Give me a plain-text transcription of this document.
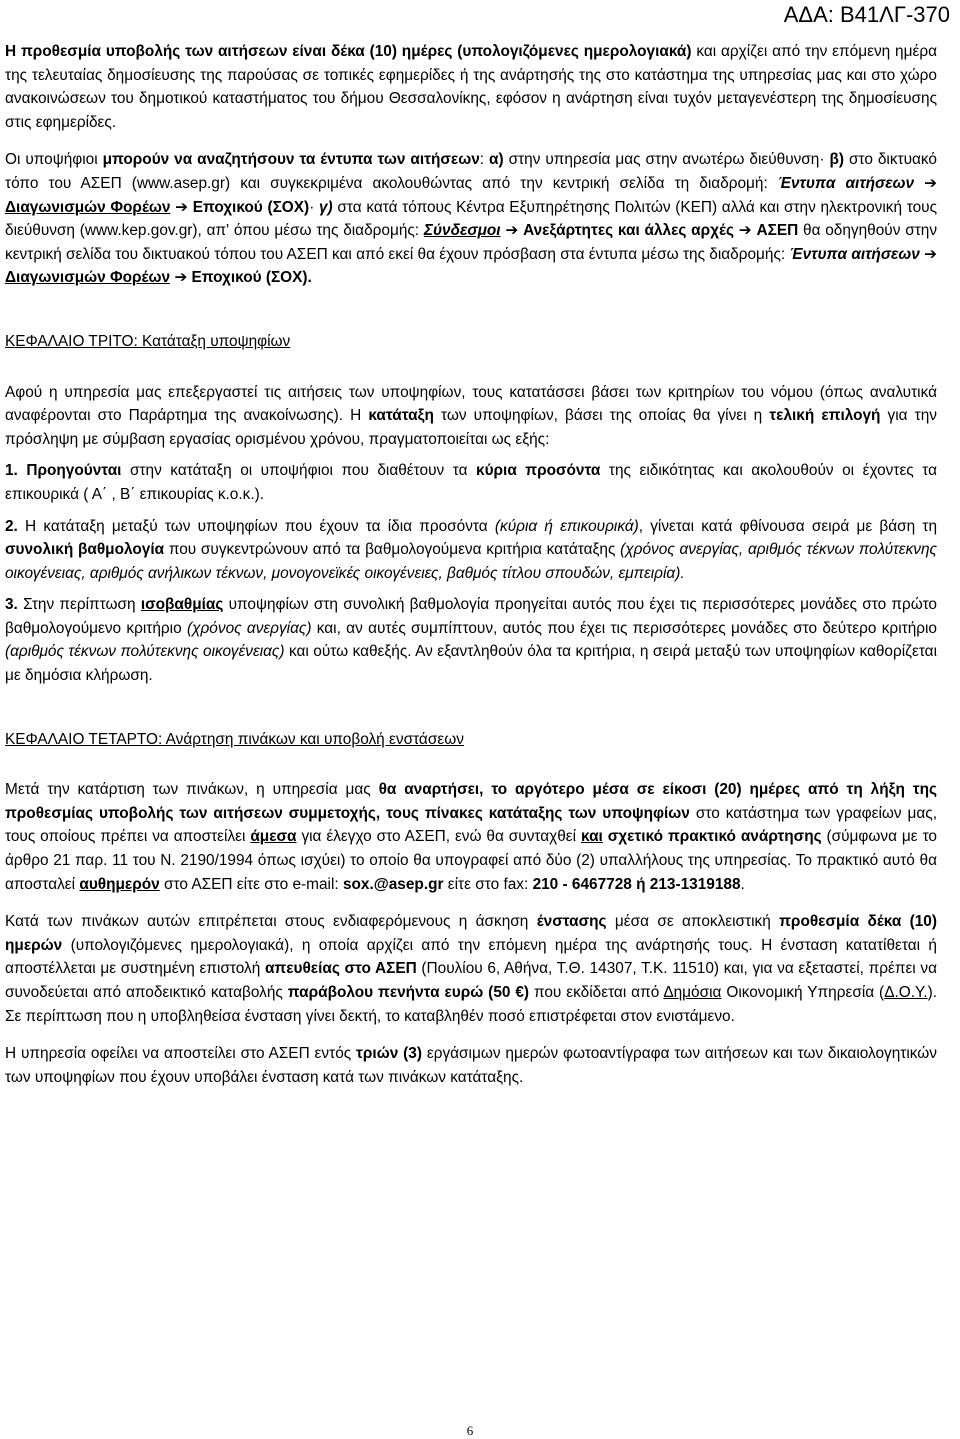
ΑΔΑ: Β41ΛΓ-370

Η προθεσμία υποβολής των αιτήσεων είναι δέκα (10) ημέρες (υπολογιζόμενες ημερολογιακά) και αρχίζει από την επόμενη ημέρα της τελευταίας δημοσίευσης της παρούσας σε τοπικές εφημερίδες ή της ανάρτησής της στο κατάστημα της υπηρεσίας μας και στο χώρο ανακοινώσεων του δημοτικού καταστήματος του δήμου Θεσσαλονίκης, εφόσον η ανάρτηση είναι τυχόν μεταγενέστερη της δημοσίευσης στις εφημερίδες.

Οι υποψήφιοι μπορούν να αναζητήσουν τα έντυπα των αιτήσεων: α) στην υπηρεσία μας στην ανωτέρω διεύθυνση· β) στο δικτυακό τόπο του ΑΣΕΠ (www.asep.gr) και συγκεκριμένα ακολουθώντας από την κεντρική σελίδα τη διαδρομή: Έντυπα αιτήσεων ➔ Διαγωνισμών Φορέων ➔ Εποχικού (ΣΟΧ)· γ) στα κατά τόπους Κέντρα Εξυπηρέτησης Πολιτών (ΚΕΠ) αλλά και στην ηλεκτρονική τους διεύθυνση (www.kep.gov.gr), απ' όπου μέσω της διαδρομής: Σύνδεσμοι ➔ Ανεξάρτητες και άλλες αρχές ➔ ΑΣΕΠ θα οδηγηθούν στην κεντρική σελίδα του δικτυακού τόπου του ΑΣΕΠ και από εκεί θα έχουν πρόσβαση στα έντυπα μέσω της διαδρομής: Έντυπα αιτήσεων ➔ Διαγωνισμών Φορέων ➔ Εποχικού (ΣΟΧ).

ΚΕΦΑΛΑΙΟ ΤΡΙΤΟ: Κατάταξη υποψηφίων

Αφού η υπηρεσία μας επεξεργαστεί τις αιτήσεις των υποψηφίων, τους κατατάσσει βάσει των κριτηρίων του νόμου (όπως αναλυτικά αναφέρονται στο Παράρτημα της ανακοίνωσης). Η κατάταξη των υποψηφίων, βάσει της οποίας θα γίνει η τελική επιλογή για την πρόσληψη με σύμβαση εργασίας ορισμένου χρόνου, πραγματοποιείται ως εξής:

1. Προηγούνται στην κατάταξη οι υποψήφιοι που διαθέτουν τα κύρια προσόντα της ειδικότητας και ακολουθούν οι έχοντες τα επικουρικά ( Α΄ , Β΄ επικουρίας κ.ο.κ.).

2. Η κατάταξη μεταξύ των υποψηφίων που έχουν τα ίδια προσόντα (κύρια ή επικουρικά), γίνεται κατά φθίνουσα σειρά με βάση τη συνολική βαθμολογία που συγκεντρώνουν από τα βαθμολογούμενα κριτήρια κατάταξης (χρόνος ανεργίας, αριθμός τέκνων πολύτεκνης οικογένειας, αριθμός ανήλικων τέκνων, μονογονεϊκές οικογένειες, βαθμός τίτλου σπουδών, εμπειρία).

3. Στην περίπτωση ισοβαθμίας υποψηφίων στη συνολική βαθμολογία προηγείται αυτός που έχει τις περισσότερες μονάδες στο πρώτο βαθμολογούμενο κριτήριο (χρόνος ανεργίας) και, αν αυτές συμπίπτουν, αυτός που έχει τις περισσότερες μονάδες στο δεύτερο κριτήριο (αριθμός τέκνων πολύτεκνης οικογένειας) και ούτω καθεξής. Αν εξαντληθούν όλα τα κριτήρια, η σειρά μεταξύ των υποψηφίων καθορίζεται με δημόσια κλήρωση.

ΚΕΦΑΛΑΙΟ ΤΕΤΑΡΤΟ: Ανάρτηση πινάκων και υποβολή ενστάσεων

Μετά την κατάρτιση των πινάκων, η υπηρεσία μας θα αναρτήσει, το αργότερο μέσα σε είκοσι (20) ημέρες από τη λήξη της προθεσμίας υποβολής των αιτήσεων συμμετοχής, τους πίνακες κατάταξης των υποψηφίων στο κατάστημα των γραφείων μας, τους οποίους πρέπει να αποστείλει άμεσα για έλεγχο στο ΑΣΕΠ, ενώ θα συνταχθεί και σχετικό πρακτικό ανάρτησης (σύμφωνα με το άρθρο 21 παρ. 11 του Ν. 2190/1994 όπως ισχύει) το οποίο θα υπογραφεί από δύο (2) υπαλλήλους της υπηρεσίας. Το πρακτικό αυτό θα αποσταλεί αυθημερόν στο ΑΣΕΠ είτε στο e-mail: sox.@asep.gr είτε στο fax: 210 - 6467728 ή 213-1319188.

Κατά των πινάκων αυτών επιτρέπεται στους ενδιαφερόμενους η άσκηση ένστασης μέσα σε αποκλειστική προθεσμία δέκα (10) ημερών (υπολογιζόμενες ημερολογιακά), η οποία αρχίζει από την επόμενη ημέρα της ανάρτησής τους. Η ένσταση κατατίθεται ή αποστέλλεται με συστημένη επιστολή απευθείας στο ΑΣΕΠ (Πουλίου 6, Αθήνα, Τ.Θ. 14307, Τ.Κ. 11510) και, για να εξεταστεί, πρέπει να συνοδεύεται από αποδεικτικό καταβολής παράβολου πενήντα ευρώ (50 €) που εκδίδεται από Δημόσια Οικονομική Υπηρεσία (Δ.Ο.Υ.). Σε περίπτωση που η υποβληθείσα ένσταση γίνει δεκτή, το καταβληθέν ποσό επιστρέφεται στον ενιστάμενο.

Η υπηρεσία οφείλει να αποστείλει στο ΑΣΕΠ εντός τριών (3) εργάσιμων ημερών φωτοαντίγραφα των αιτήσεων και των δικαιολογητικών των υποψηφίων που έχουν υποβάλει ένσταση κατά των πινάκων κατάταξης.

6
